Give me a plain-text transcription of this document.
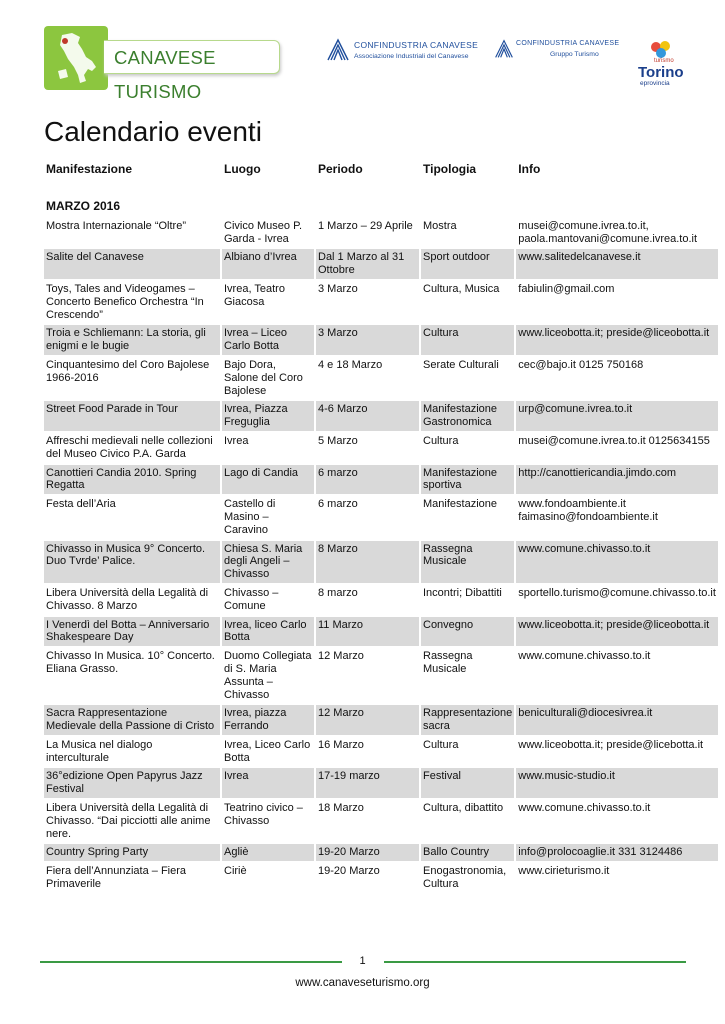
CANAVESE TURISMO
CONFINDUSTRIA CANAVESE
Associazione Industriali del Canavese
CONFINDUSTRIA CANAVESE
Gruppo Turismo
turismo
Torino
eprovincia
Calendario eventi
Manifestazione	Luogo	Periodo	Tipologia	Info
MARZO 2016				
Mostra Internazionale “Oltre”	Civico Museo P. Garda - Ivrea	1 Marzo – 29 Aprile	Mostra	musei@comune.ivrea.to.it, paola.mantovani@comune.ivrea.to.it
Salite del Canavese	Albiano d’Ivrea	Dal 1 Marzo al 31 Ottobre	Sport outdoor	www.salitedelcanavese.it
Toys, Tales and Videogames – Concerto Benefico Orchestra “In Crescendo”	Ivrea, Teatro Giacosa	3 Marzo	Cultura, Musica	fabiulin@gmail.com
Troia e Schliemann: La storia, gli enigmi e le bugie	Ivrea – Liceo Carlo Botta	3 Marzo	Cultura	www.liceobotta.it; preside@liceobotta.it
Cinquantesimo del Coro Bajolese 1966-2016	Bajo Dora, Salone del Coro Bajolese	4 e 18 Marzo	Serate Culturali	cec@bajo.it 0125 750168
Street Food Parade in Tour	Ivrea, Piazza Freguglia	4-6 Marzo	Manifestazione Gastronomica	urp@comune.ivrea.to.it
Affreschi medievali nelle collezioni del Museo Civico P.A. Garda	Ivrea	5 Marzo	Cultura	musei@comune.ivrea.to.it 0125634155
Canottieri Candia 2010. Spring Regatta	Lago di Candia	6 marzo	Manifestazione sportiva	http://canottiericandia.jimdo.com
Festa dell’Aria	Castello di Masino – Caravino	6 marzo	Manifestazione	www.fondoambiente.it faimasino@fondoambiente.it
Chivasso in Musica 9° Concerto. Duo Tvrde’ Palice.	Chiesa S. Maria degli Angeli – Chivasso	8 Marzo	Rassegna Musicale	www.comune.chivasso.to.it
Libera Università della Legalità di Chivasso. 8 Marzo	Chivasso – Comune	8 marzo	Incontri; Dibattiti	sportello.turismo@comune.chivasso.to.it
I Venerdì del Botta – Anniversario Shakespeare Day	Ivrea, liceo Carlo Botta	11 Marzo	Convegno	www.liceobotta.it; preside@liceobotta.it
Chivasso In Musica. 10° Concerto. Eliana Grasso.	Duomo Collegiata di S. Maria Assunta – Chivasso	12 Marzo	Rassegna Musicale	www.comune.chivasso.to.it
Sacra Rappresentazione Medievale della Passione di Cristo	Ivrea, piazza Ferrando	12 Marzo	Rappresentazione sacra	beniculturali@diocesivrea.it
La Musica nel dialogo interculturale	Ivrea, Liceo Carlo Botta	16 Marzo	Cultura	www.liceobotta.it; preside@licebotta.it
36°edizione Open Papyrus Jazz Festival	Ivrea	17-19 marzo	Festival	www.music-studio.it
Libera Università della Legalità di Chivasso. “Dai picciotti alle anime nere.	Teatrino civico – Chivasso	18 Marzo	Cultura, dibattito	www.comune.chivasso.to.it
Country Spring Party	Agliè	19-20 Marzo	Ballo Country	info@prolocoaglie.it 331 3124486
Fiera dell’Annunziata – Fiera Primaverile	Ciriè	19-20 Marzo	Enogastronomia, Cultura	www.cirieturismo.it
1
www.canaveseturismo.org
